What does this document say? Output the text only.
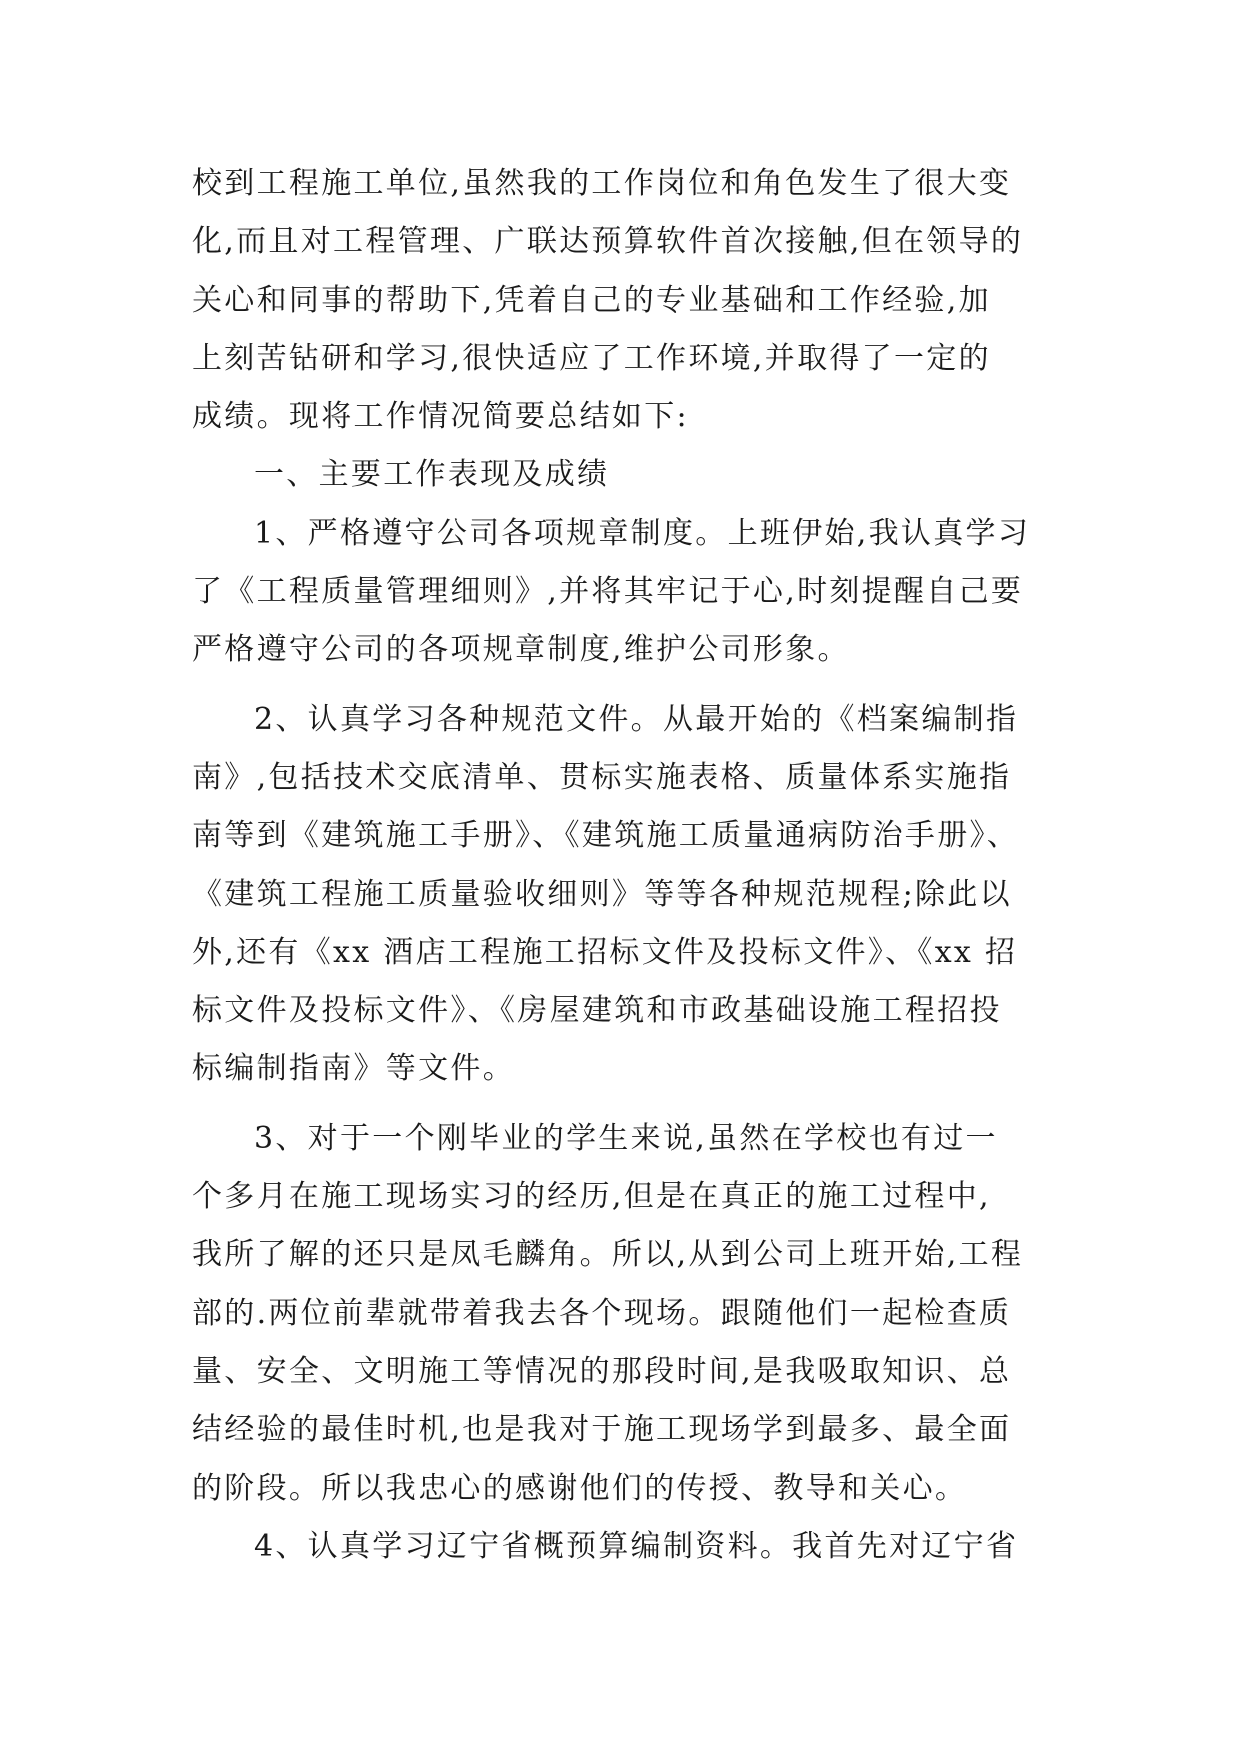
校到工程施工单位,虽然我的工作岗位和角色发生了很大变
化,而且对工程管理、广联达预算软件首次接触,但在领导的
关心和同事的帮助下,凭着自己的专业基础和工作经验,加
上刻苦钻研和学习,很快适应了工作环境,并取得了一定的
成绩。现将工作情况简要总结如下:
一、主要工作表现及成绩
1、严格遵守公司各项规章制度。上班伊始,我认真学习
了《工程质量管理细则》,并将其牢记于心,时刻提醒自己要
严格遵守公司的各项规章制度,维护公司形象。
2、认真学习各种规范文件。从最开始的《档案编制指
南》,包括技术交底清单、贯标实施表格、质量体系实施指
南等到《建筑施工手册》、《建筑施工质量通病防治手册》、
《建筑工程施工质量验收细则》等等各种规范规程;除此以
外,还有《xx 酒店工程施工招标文件及投标文件》、《xx 招
标文件及投标文件》、《房屋建筑和市政基础设施工程招投
标编制指南》等文件。
3、对于一个刚毕业的学生来说,虽然在学校也有过一
个多月在施工现场实习的经历,但是在真正的施工过程中,
我所了解的还只是凤毛麟角。所以,从到公司上班开始,工程
部的.两位前辈就带着我去各个现场。跟随他们一起检查质
量、安全、文明施工等情况的那段时间,是我吸取知识、总
结经验的最佳时机,也是我对于施工现场学到最多、最全面
的阶段。所以我忠心的感谢他们的传授、教导和关心。
4、认真学习辽宁省概预算编制资料。我首先对辽宁省
